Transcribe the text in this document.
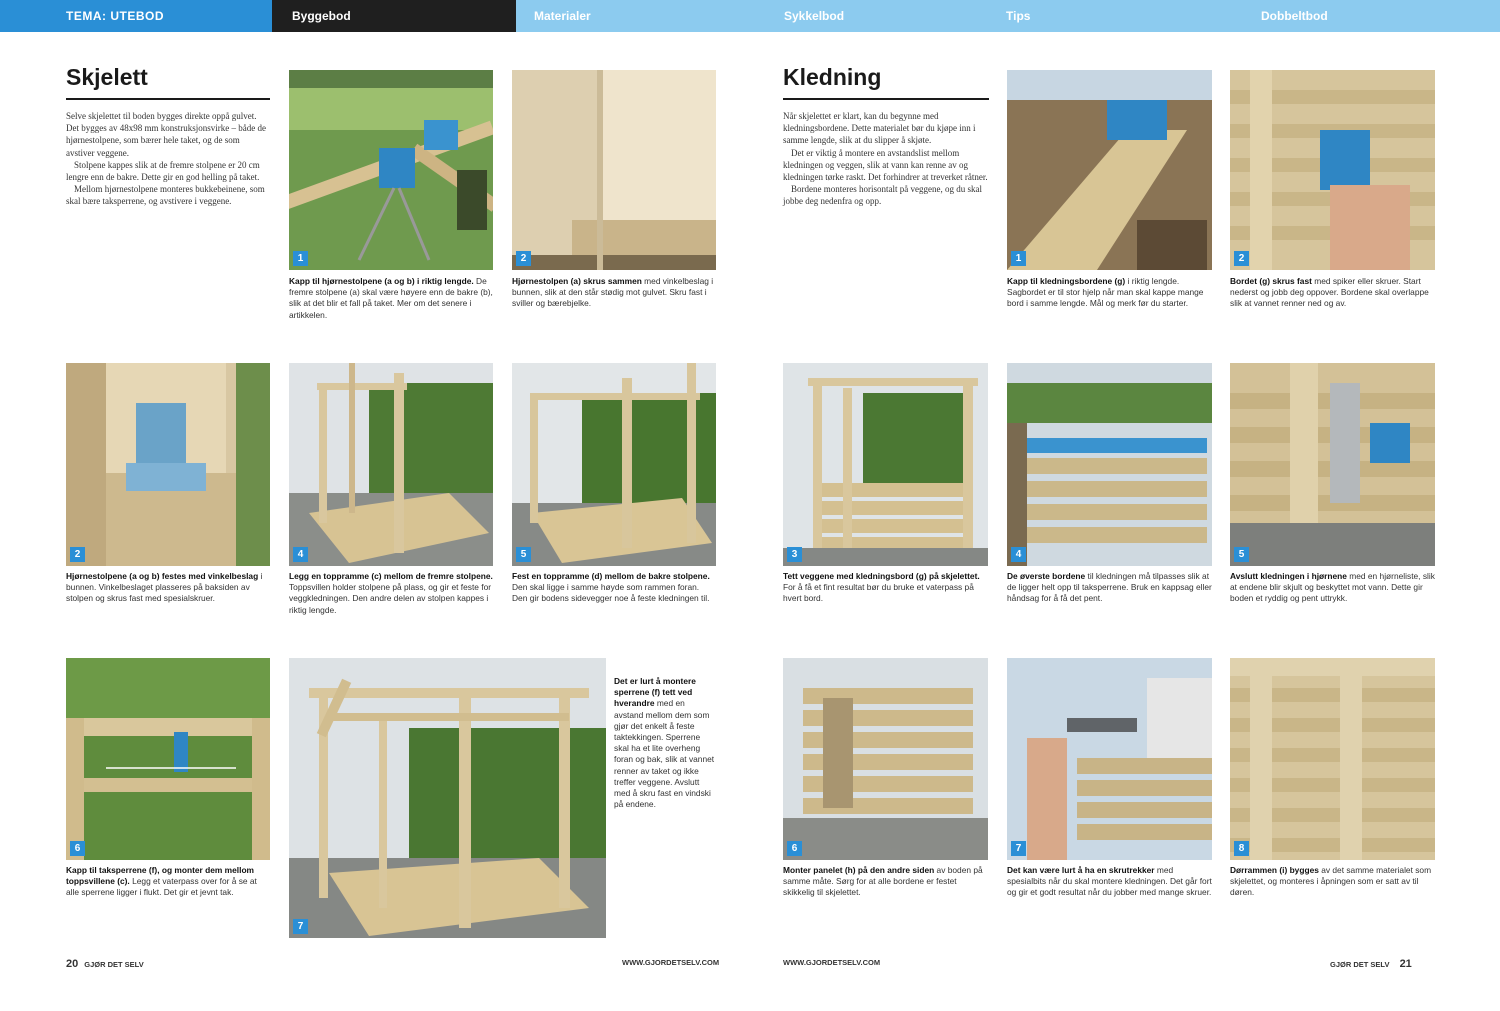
TEMA: UTEBOD	Byggebod	Materialer	Sykkelbod	Tips	Dobbeltbod
Skjelett

Selve skjelettet til boden bygges direkte oppå gulvet. Det bygges av 48x98 mm konstruksjonsvirke – både de hjørnestolpene, som bærer hele taket, og de som avstiver veggene.

Stolpene kappes slik at de fremre stolpene er 20 cm lengre enn de bakre. Dette gir en god helling på taket.

Mellom hjørnestolpene monteres bukkebeinene, som skal bære taksperrene, og avstivere i veggene.

1
Kapp til hjørnestolpene (a og b) i riktig lengde. De fremre stolpene (a) skal være høyere enn de bakre (b), slik at det blir et fall på taket. Mer om det senere i artikkelen.
2
Hjørnestolpen (a) skrus sammen med vinkelbeslag i bunnen, slik at den står stødig mot gulvet. Skru fast i sviller og bærebjelke.
2
Hjørnestolpene (a og b) festes med vinkelbeslag i bunnen. Vinkelbeslaget plasseres på baksiden av stolpen og skrus fast med spesialskruer.
4
Legg en toppramme (c) mellom de fremre stolpene. Toppsvillen holder stolpene på plass, og gir et feste for veggkledningen. Den andre delen av stolpen kappes i riktig lengde.
5
Fest en toppramme (d) mellom de bakre stolpene. Den skal ligge i samme høyde som rammen foran. Den gir bodens sidevegger noe å feste kledningen til.
6
Kapp til taksperrene (f), og monter dem mellom toppsvillene (c). Legg et vaterpass over for å se at alle sperrene ligger i flukt. Det gir et jevnt tak.
7
Det er lurt å montere sperrene (f) tett ved hverandre med en avstand mellom dem som gjør det enkelt å feste taktekkingen. Sperrene skal ha et lite overheng foran og bak, slik at vannet renner av taket og ikke treffer veggene. Avslutt med å skru fast en vindski på endene.
20 GJØR DET SELV	WWW.GJORDETSELV.COM
Kledning

Når skjelettet er klart, kan du begynne med kledningsbordene. Dette materialet bør du kjøpe inn i samme lengde, slik at du slipper å skjøte.

Det er viktig å montere en avstandslist mellom kledningen og veggen, slik at vann kan renne av og kledningen tørke raskt. Det forhindrer at treverket råtner.

Bordene monteres horisontalt på veggene, og du skal jobbe deg nedenfra og opp.

1
Kapp til kledningsbordene (g) i riktig lengde. Sagbordet er til stor hjelp når man skal kappe mange bord i samme lengde. Mål og merk før du starter.
2
Bordet (g) skrus fast med spiker eller skruer. Start nederst og jobb deg oppover. Bordene skal overlappe slik at vannet renner ned og av.
3
Tett veggene med kledningsbord (g) på skjelettet. For å få et fint resultat bør du bruke et vaterpass på hvert bord.
4
De øverste bordene til kledningen må tilpasses slik at de ligger helt opp til taksperrene. Bruk en kappsag eller håndsag for å få det pent.
5
Avslutt kledningen i hjørnene med en hjørneliste, slik at endene blir skjult og beskyttet mot vann. Dette gir boden et ryddig og pent uttrykk.
6
Monter panelet (h) på den andre siden av boden på samme måte. Sørg for at alle bordene er festet skikkelig til skjelettet.
7
Det kan være lurt å ha en skrutrekker med spesialbits når du skal montere kledningen. Det går fort og gir et godt resultat når du jobber med mange skruer.
8
Dørrammen (i) bygges av det samme materialet som skjelettet, og monteres i åpningen som er satt av til døren.
WWW.GJORDETSELV.COM	GJØR DET SELV 21
